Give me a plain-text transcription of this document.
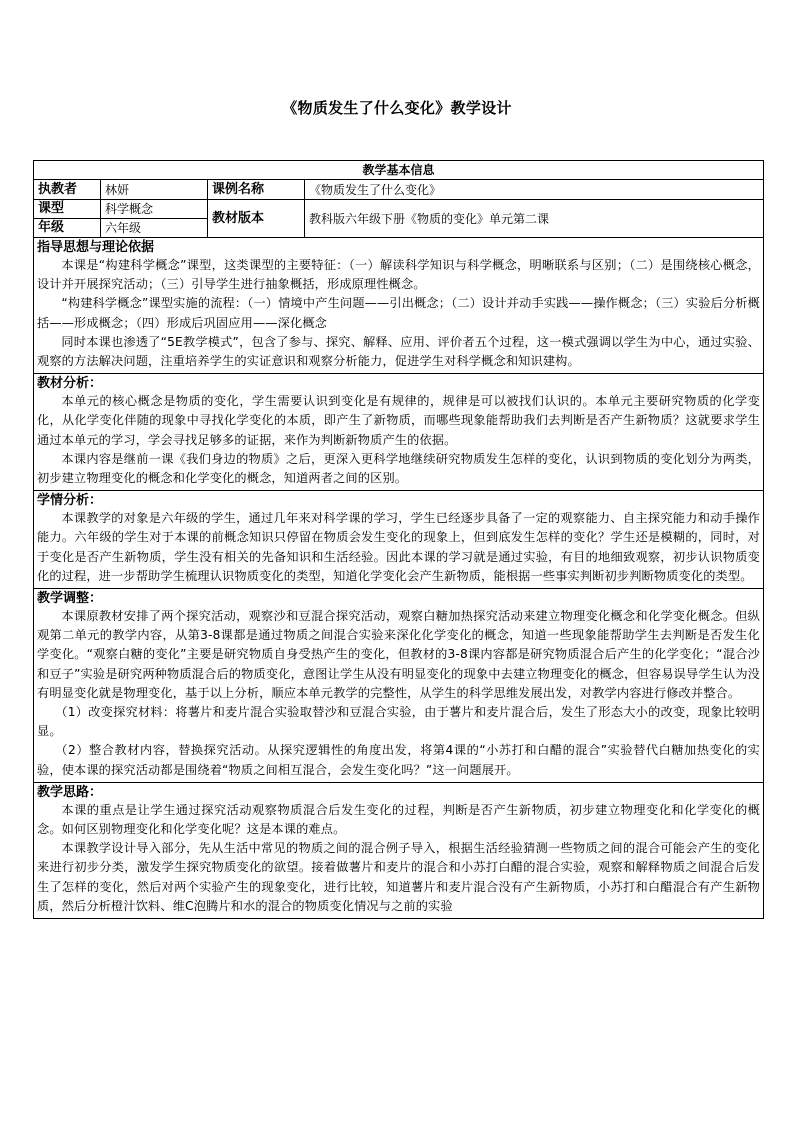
《物质发生了什么变化》教学设计
教学基本信息			
执教者	林妍	课例名称	《物质发生了什么变化》
课型	科学概念	教材版本	教科版六年级下册《物质的变化》单元第二课
年级	六年级		

指导思想与理论依据

本课是“构建科学概念”课型，这类课型的主要特征：（一）解读科学知识与科学概念，明晰联系与区别；（二）是围绕核心概念，设计并开展探究活动；（三）引导学生进行抽象概括，形成原理性概念。

“构建科学概念”课型实施的流程：（一）情境中产生问题——引出概念；（二）设计并动手实践——操作概念；（三）实验后分析概括——形成概念；（四）形成后巩固应用——深化概念

同时本课也渗透了“5E教学模式”，包含了参与、探究、解释、应用、评价者五个过程，这一模式强调以学生为中心，通过实验、观察的方法解决问题，注重培养学生的实证意识和观察分析能力，促进学生对科学概念和知识建构。			

教材分析：

本单元的核心概念是物质的变化，学生需要认识到变化是有规律的，规律是可以被找们认识的。本单元主要研究物质的化学变化，从化学变化伴随的现象中寻找化学变化的本质，即产生了新物质，而哪些现象能帮助我们去判断是否产生新物质？这就要求学生通过本单元的学习，学会寻找足够多的证据，来作为判断新物质产生的依据。

本课内容是继前一课《我们身边的物质》之后，更深入更科学地继续研究物质发生怎样的变化，认识到物质的变化划分为两类，初步建立物理变化的概念和化学变化的概念，知道两者之间的区别。			

学情分析：

本课教学的对象是六年级的学生，通过几年来对科学课的学习，学生已经逐步具备了一定的观察能力、自主探究能力和动手操作能力。六年级的学生对于本课的前概念知识只停留在物质会发生变化的现象上，但到底发生怎样的变化？学生还是模糊的，同时，对于变化是否产生新物质，学生没有相关的先备知识和生活经验。因此本课的学习就是通过实验，有目的地细致观察，初步认识物质变化的过程，进一步帮助学生梳理认识物质变化的类型，知道化学变化会产生新物质，能根据一些事实判断初步判断物质变化的类型。			

教学调整：

本课原教材安排了两个探究活动，观察沙和豆混合探究活动，观察白糖加热探究活动来建立物理变化概念和化学变化概念。但纵观第二单元的教学内容，从第3-8课都是通过物质之间混合实验来深化化学变化的概念，知道一些现象能帮助学生去判断是否发生化学变化。“观察白糖的变化”主要是研究物质自身受热产生的变化，但教材的3-8课内容都是研究物质混合后产生的化学变化；“混合沙和豆子”实验是研究两种物质混合后的物质变化，意图让学生从没有明显变化的现象中去建立物理变化的概念，但容易误导学生认为没有明显变化就是物理变化，基于以上分析，顺应本单元教学的完整性，从学生的科学思维发展出发，对教学内容进行修改并整合。

（1）改变探究材料：将薯片和麦片混合实验取替沙和豆混合实验，由于薯片和麦片混合后，发生了形态大小的改变，现象比较明显。

（2）整合教材内容，替换探究活动。从探究逻辑性的角度出发，将第4课的“小苏打和白醋的混合”实验替代白糖加热变化的实验，使本课的探究活动都是围绕着“物质之间相互混合，会发生变化吗？”这一问题展开。			

教学思路：

本课的重点是让学生通过探究活动观察物质混合后发生变化的过程，判断是否产生新物质，初步建立物理变化和化学变化的概念。如何区别物理变化和化学变化呢？这是本课的难点。

本课教学设计导入部分，先从生活中常见的物质之间的混合例子导入，根据生活经验猜测一些物质之间的混合可能会产生的变化来进行初步分类，激发学生探究物质变化的欲望。接着做薯片和麦片的混合和小苏打白醋的混合实验，观察和解释物质之间混合后发生了怎样的变化，然后对两个实验产生的现象变化，进行比较，知道薯片和麦片混合没有产生新物质，小苏打和白醋混合有产生新物质，然后分析橙汁饮料、维C泡腾片和水的混合的物质变化情况与之前的实验			
